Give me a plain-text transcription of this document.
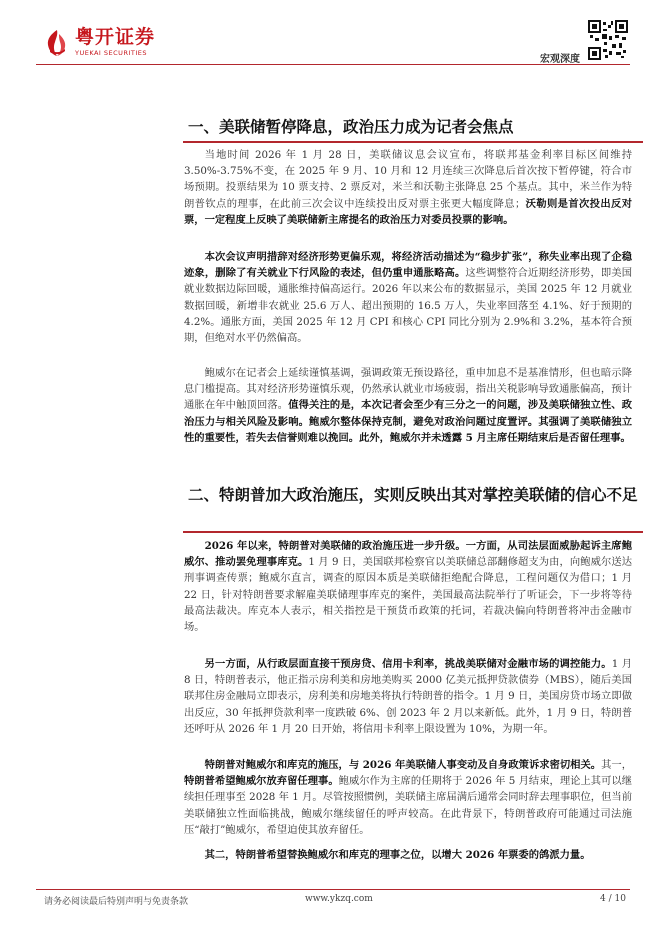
粤开证券
YUEKAI SECURITIES
宏观深度
一、美联储暂停降息，政治压力成为记者会焦点
当地时间 2026 年 1 月 28 日，美联储议息会议宣布，将联邦基金利率目标区间维持 3.50%-3.75%不变，在 2025 年 9 月、10 月和 12 月连续三次降息后首次按下暂停键，符合市场预期。投票结果为 10 票支持、2 票反对，米兰和沃勒主张降息 25 个基点。其中，米兰作为特朗普钦点的理事，在此前三次会议中连续投出反对票主张更大幅度降息；沃勒则是首次投出反对票，一定程度上反映了美联储新主席提名的政治压力对委员投票的影响。
本次会议声明措辞对经济形势更偏乐观，将经济活动描述为“稳步扩张”，称失业率出现了企稳迹象，删除了有关就业下行风险的表述，但仍重申通胀略高。这些调整符合近期经济形势，即美国就业数据边际回暖，通胀维持偏高运行。2026 年以来公布的数据显示，美国 2025 年 12 月就业数据回暖，新增非农就业 25.6 万人、超出预期的 16.5 万人，失业率回落至 4.1%、好于预期的 4.2%。通胀方面，美国 2025 年 12 月 CPI 和核心 CPI 同比分别为 2.9%和 3.2%，基本符合预期，但绝对水平仍然偏高。
鲍威尔在记者会上延续谨慎基调，强调政策无预设路径，重申加息不是基准情形，但也暗示降息门槛提高。其对经济形势谨慎乐观，仍然承认就业市场疲弱，指出关税影响导致通胀偏高，预计通胀在年中触顶回落。值得关注的是，本次记者会至少有三分之一的问题，涉及美联储独立性、政治压力与相关风险及影响。鲍威尔整体保持克制，避免对政治问题过度置评。其强调了美联储独立性的重要性，若失去信誉则难以挽回。此外，鲍威尔并未透露 5 月主席任期结束后是否留任理事。
二、特朗普加大政治施压，实则反映出其对掌控美联储的信心不足
2026 年以来，特朗普对美联储的政治施压进一步升级。一方面，从司法层面威胁起诉主席鲍威尔、推动罢免理事库克。1 月 9 日，美国联邦检察官以美联储总部翻修超支为由，向鲍威尔送达刑事调查传票；鲍威尔直言，调查的原因本质是美联储拒绝配合降息，工程问题仅为借口；1 月 22 日，针对特朗普要求解雇美联储理事库克的案件，美国最高法院举行了听证会，下一步将等待最高法裁决。库克本人表示，相关指控是干预货币政策的托词，若裁决偏向特朗普将冲击金融市场。
另一方面，从行政层面直接干预房贷、信用卡利率，挑战美联储对金融市场的调控能力。1 月 8 日，特朗普表示，他正指示房利美和房地美购买 2000 亿美元抵押贷款债券（MBS），随后美国联邦住房金融局立即表示，房利美和房地美将执行特朗普的指令。1 月 9 日，美国房贷市场立即做出反应，30 年抵押贷款利率一度跌破 6%、创 2023 年 2 月以来新低。此外，1 月 9 日，特朗普还呼吁从 2026 年 1 月 20 日开始，将信用卡利率上限设置为 10%，为期一年。
特朗普对鲍威尔和库克的施压，与 2026 年美联储人事变动及自身政策诉求密切相关。其一，特朗普希望鲍威尔放弃留任理事。鲍威尔作为主席的任期将于 2026 年 5 月结束，理论上其可以继续担任理事至 2028 年 1 月。尽管按照惯例，美联储主席届满后通常会同时辞去理事职位，但当前美联储独立性面临挑战，鲍威尔继续留任的呼声较高。在此背景下，特朗普政府可能通过司法施压“敲打”鲍威尔，希望迫使其放弃留任。
其二，特朗普希望替换鲍威尔和库克的理事之位，以增大 2026 年票委的鸽派力量。
请务必阅读最后特别声明与免责条款	www.ykzq.com	4 / 10
